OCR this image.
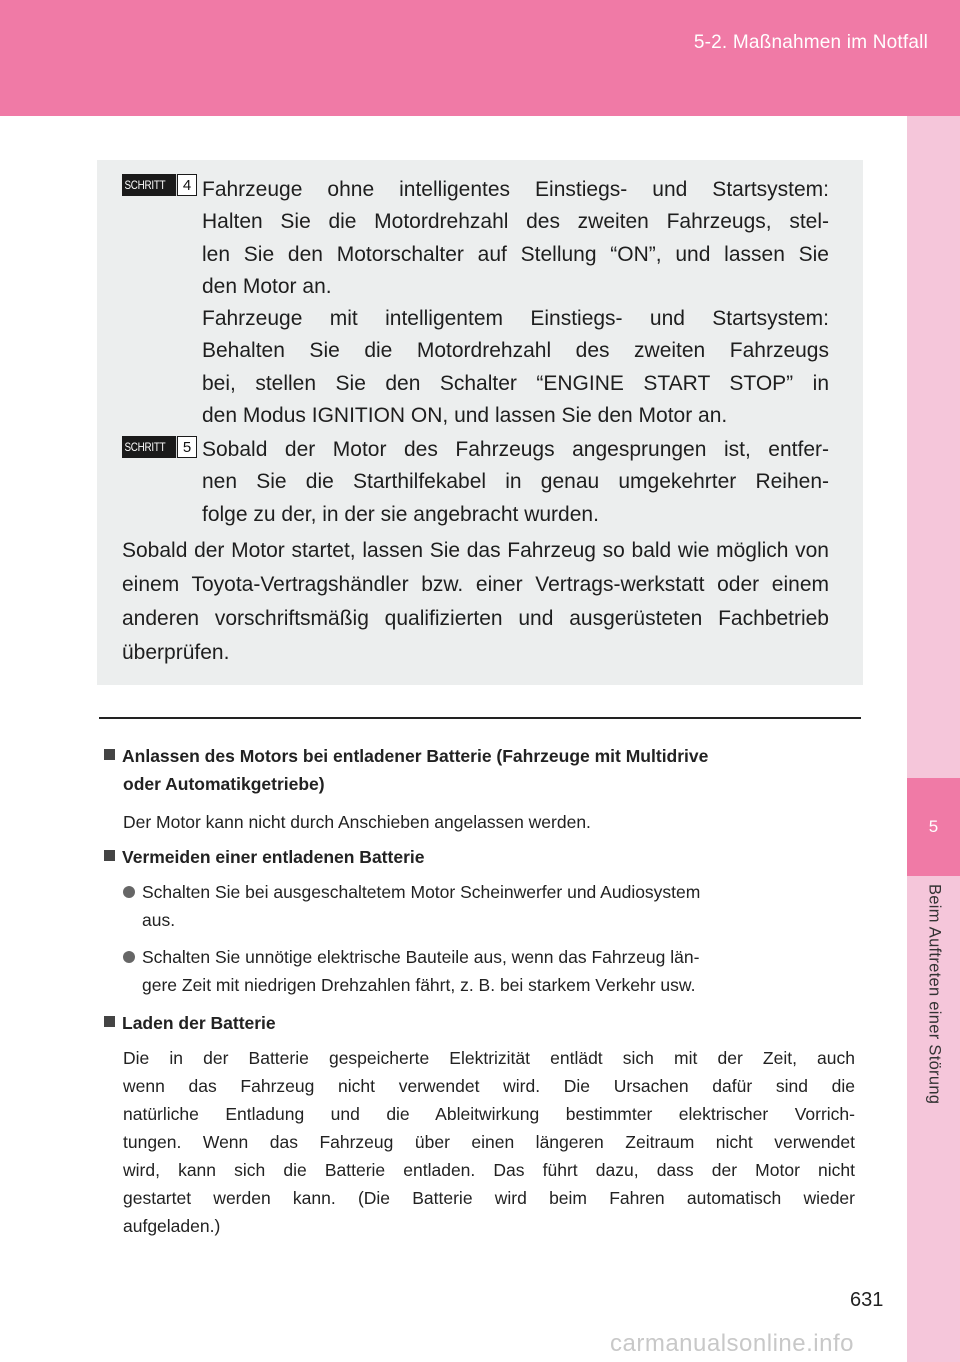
5-2. Maßnahmen im Notfall
5
Beim Auftreten einer Störung
SCHRITT	4 Fahrzeuge ohne intelligentes Einstiegs- und Startsystem:
Halten Sie die Motordrehzahl des zweiten Fahrzeugs, stel-
len Sie den Motorschalter auf Stellung “ON”, und lassen Sie
den Motor an.
Fahrzeuge mit intelligentem Einstiegs- und Startsystem:
Behalten Sie die Motordrehzahl des zweiten Fahrzeugs
bei, stellen Sie den Schalter “ENGINE START STOP” in
den Modus IGNITION ON, und lassen Sie den Motor an.
SCHRITT	5 Sobald der Motor des Fahrzeugs angesprungen ist, entfer-
nen Sie die Starthilfekabel in genau umgekehrter Reihen-
folge zu der, in der sie angebracht wurden.
Sobald der Motor startet, lassen Sie das Fahrzeug so bald wie möglich von einem Toyota-Vertragshändler bzw. einer Vertrags-werkstatt oder einem anderen vorschriftsmäßig qualifizierten und ausgerüsteten Fachbetrieb überprüfen.
Anlassen des Motors bei entladener Batterie (Fahrzeuge mit Multidrive
oder Automatikgetriebe)
Der Motor kann nicht durch Anschieben angelassen werden.
Vermeiden einer entladenen Batterie
Schalten Sie bei ausgeschaltetem Motor Scheinwerfer und Audiosystem
aus.
Schalten Sie unnötige elektrische Bauteile aus, wenn das Fahrzeug län-
gere Zeit mit niedrigen Drehzahlen fährt, z. B. bei starkem Verkehr usw.
Laden der Batterie
Die in der Batterie gespeicherte Elektrizität entlädt sich mit der Zeit, auch
wenn das Fahrzeug nicht verwendet wird. Die Ursachen dafür sind die
natürliche Entladung und die Ableitwirkung bestimmter elektrischer Vorrich-
tungen. Wenn das Fahrzeug über einen längeren Zeitraum nicht verwendet
wird, kann sich die Batterie entladen. Das führt dazu, dass der Motor nicht
gestartet werden kann. (Die Batterie wird beim Fahren automatisch wieder
aufgeladen.)
631
carmanualsonline.info
